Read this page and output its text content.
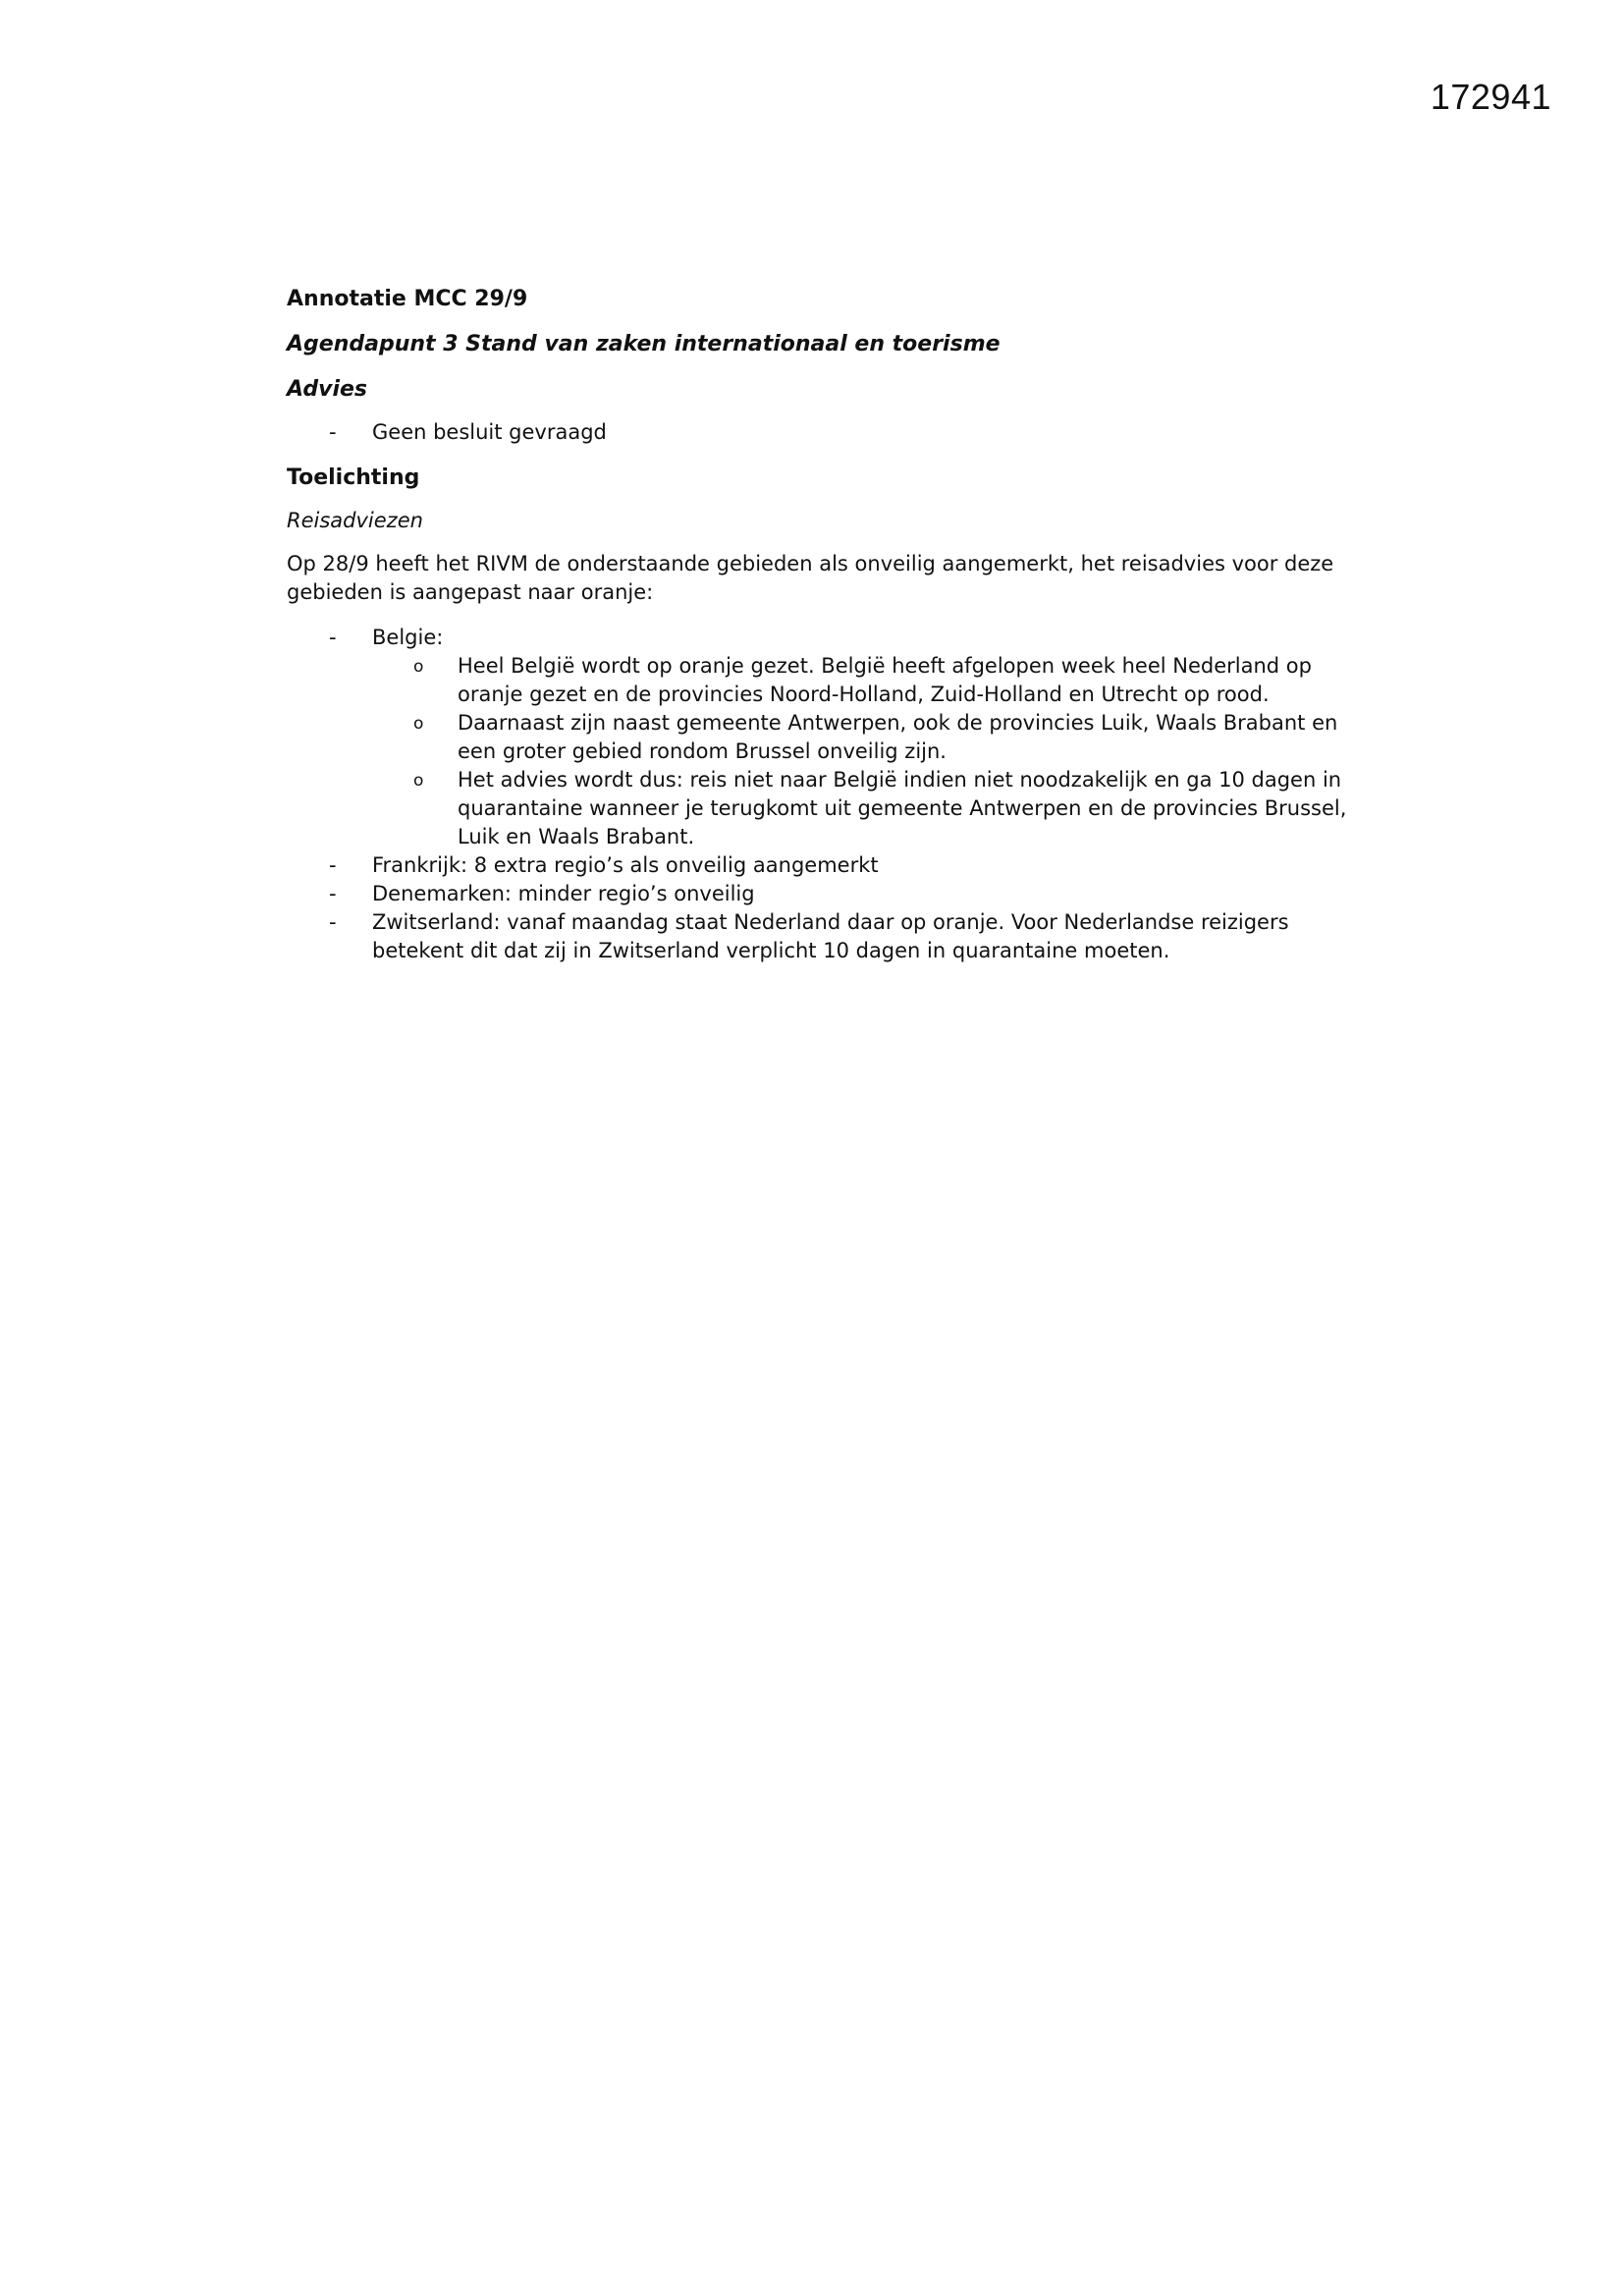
172941
Annotatie MCC 29/9
Agendapunt 3 Stand van zaken internationaal en toerisme
Advies
- Geen besluit gevraagd
Toelichting
Reisadviezen
Op 28/9 heeft het RIVM de onderstaande gebieden als onveilig aangemerkt, het reisadvies voor deze gebieden is aangepast naar oranje:
- Belgie:
o Heel België wordt op oranje gezet. België heeft afgelopen week heel Nederland op oranje gezet en de provincies Noord-Holland, Zuid-Holland en Utrecht op rood.
o Daarnaast zijn naast gemeente Antwerpen, ook de provincies Luik, Waals Brabant en een groter gebied rondom Brussel onveilig zijn.
o Het advies wordt dus: reis niet naar België indien niet noodzakelijk en ga 10 dagen in quarantaine wanneer je terugkomt uit gemeente Antwerpen en de provincies Brussel, Luik en Waals Brabant.
- Frankrijk: 8 extra regio’s als onveilig aangemerkt
- Denemarken: minder regio’s onveilig
- Zwitserland: vanaf maandag staat Nederland daar op oranje. Voor Nederlandse reizigers betekent dit dat zij in Zwitserland verplicht 10 dagen in quarantaine moeten.
